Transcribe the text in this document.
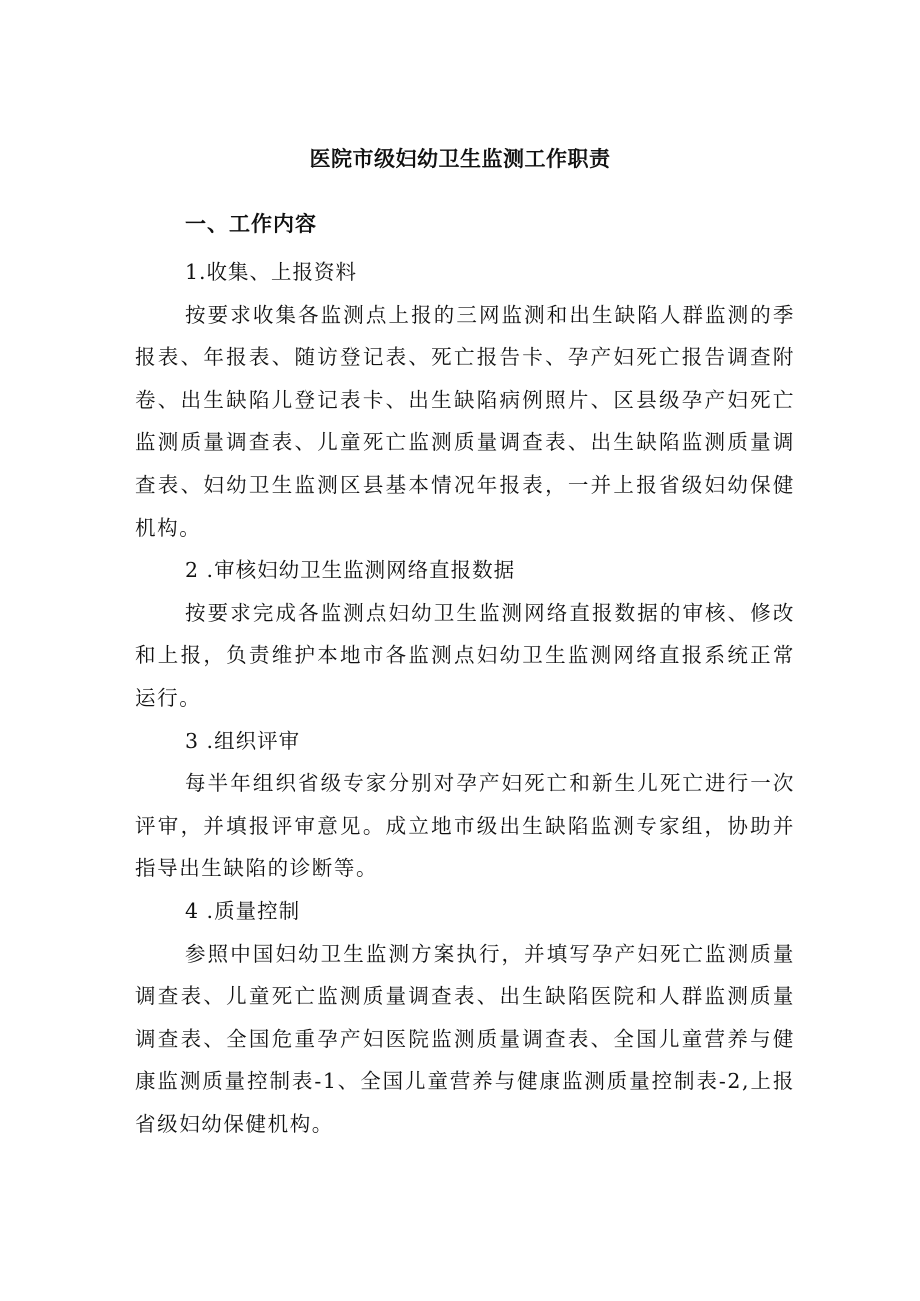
医院市级妇幼卫生监测工作职责
一、工作内容

1.收集、上报资料

按要求收集各监测点上报的三网监测和出生缺陷人群监测的季报表、年报表、随访登记表、死亡报告卡、孕产妇死亡报告调查附卷、出生缺陷儿登记表卡、出生缺陷病例照片、区县级孕产妇死亡监测质量调查表、儿童死亡监测质量调查表、出生缺陷监测质量调查表、妇幼卫生监测区县基本情况年报表，一并上报省级妇幼保健机构。

2 .审核妇幼卫生监测网络直报数据

按要求完成各监测点妇幼卫生监测网络直报数据的审核、修改和上报，负责维护本地市各监测点妇幼卫生监测网络直报系统正常运行。

3 .组织评审

每半年组织省级专家分别对孕产妇死亡和新生儿死亡进行一次评审，并填报评审意见。成立地市级出生缺陷监测专家组，协助并指导出生缺陷的诊断等。

4 .质量控制

参照中国妇幼卫生监测方案执行，并填写孕产妇死亡监测质量调查表、儿童死亡监测质量调查表、出生缺陷医院和人群监测质量调查表、全国危重孕产妇医院监测质量调查表、全国儿童营养与健康监测质量控制表-1、全国儿童营养与健康监测质量控制表-2,上报省级妇幼保健机构。
